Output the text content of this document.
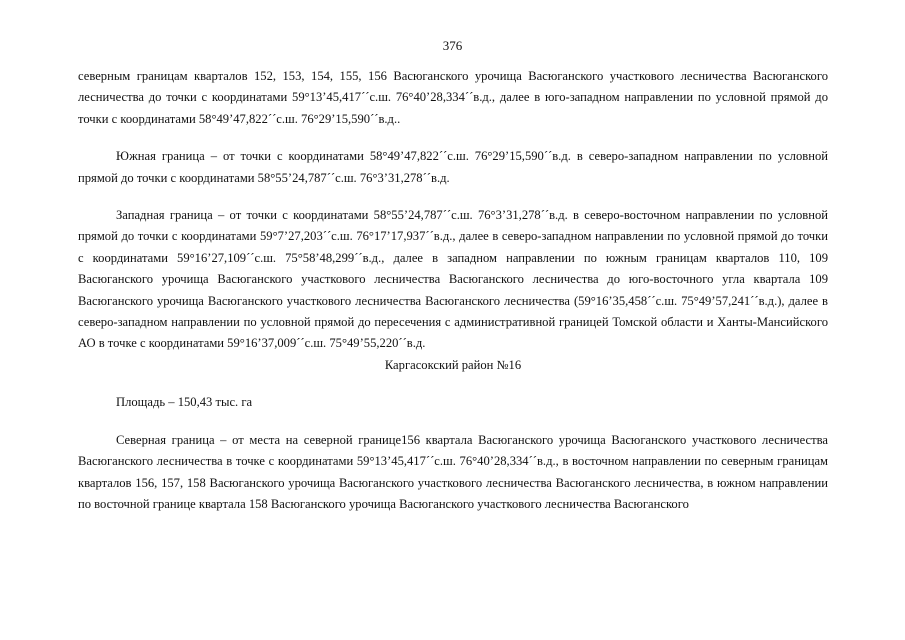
376

северным границам кварталов 152, 153, 154, 155, 156 Васюганского урочища Васюганского участкового лесничества Васюганского лесничества до точки с координатами 59°13’45,417´´с.ш. 76°40’28,334´´в.д., далее в юго-западном направлении по условной прямой до точки с координатами 58°49’47,822´´с.ш. 76°29’15,590´´в.д..

Южная граница – от точки с координатами 58°49’47,822´´с.ш. 76°29’15,590´´в.д. в северо-западном направлении по условной прямой до точки с координатами 58°55’24,787´´с.ш. 76°3’31,278´´в.д.

Западная граница – от точки с координатами 58°55’24,787´´с.ш. 76°3’31,278´´в.д. в северо-восточном направлении по условной прямой до точки с координатами 59°7’27,203´´с.ш. 76°17’17,937´´в.д., далее в северо-западном направлении по условной прямой до точки с координатами 59°16’27,109´´с.ш. 75°58’48,299´´в.д., далее в западном направлении по южным границам кварталов 110, 109 Васюганского урочища Васюганского участкового лесничества Васюганского лесничества до юго-восточного угла квартала 109 Васюганского урочища Васюганского участкового лесничества Васюганского лесничества (59°16’35,458´´с.ш. 75°49’57,241´´в.д.), далее в северо-западном направлении по условной прямой до пересечения с административной границей Томской области и Ханты-Мансийского АО в точке с координатами 59°16’37,009´´с.ш. 75°49’55,220´´в.д.

Каргасокский район №16

Площадь – 150,43 тыс. га

Северная граница – от места на северной границе156 квартала Васюганского урочища Васюганского участкового лесничества Васюганского лесничества в точке с координатами 59°13’45,417´´с.ш. 76°40’28,334´´в.д., в восточном направлении по северным границам кварталов 156, 157, 158 Васюганского урочища Васюганского участкового лесничества Васюганского лесничества, в южном направлении по восточной границе квартала 158 Васюганского урочища Васюганского участкового лесничества Васюганского
